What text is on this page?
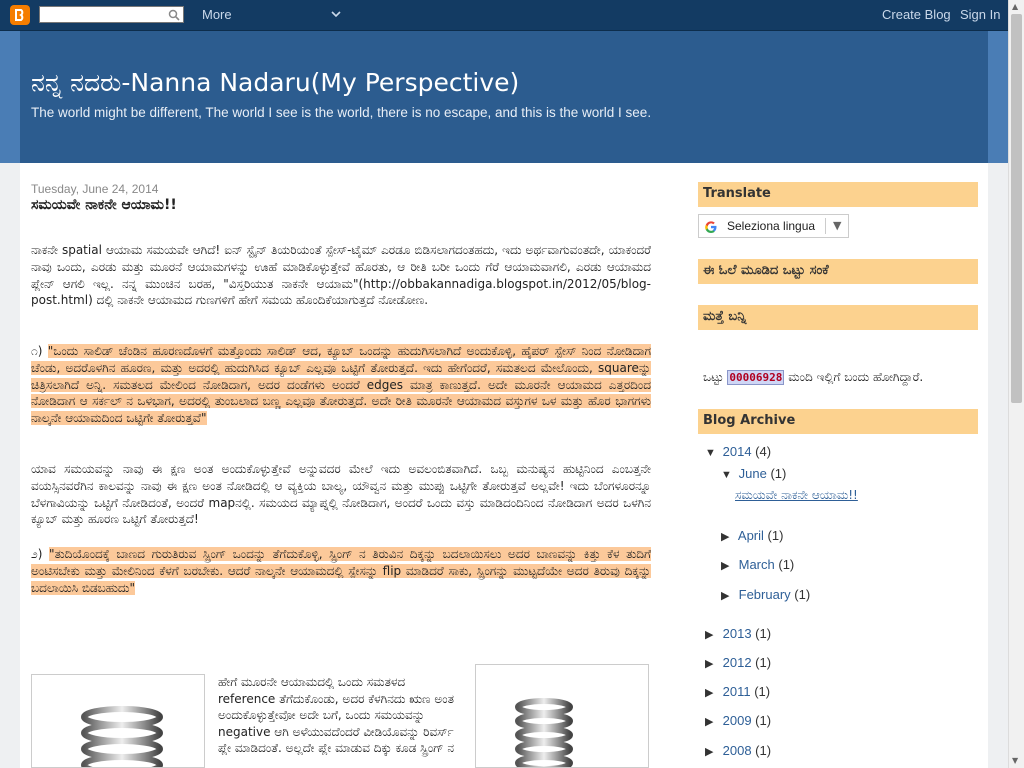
More	Create Blog Sign In
ನನ್ನ ನದರು-Nanna Nadaru(My Perspective)
The world might be different, The world I see is the world, there is no escape, and this is the world I see.
Tuesday, June 24, 2014
ಸಮಯವೇ ನಾಕನೇ ಆಯಾಮ!!

ನಾಕನೇ spatial ಆಯಾಮ ಸಮಯವೇ ಆಗಿದೆ! ಐನ್ ಸ್ಟೈನ್ ತಿಯರಿಯಂತೆ ಸ್ಪೇಸ್-ಟೈಮ್ ಎರಡೂ ಬಿಡಿಸಲಾಗದಂತಹದು, ಇದು ಅರ್ಥವಾಗುವಂತದೇ, ಯಾಕಂದರೆ ನಾವು ಒಂದು, ಎರಡು ಮತ್ತು ಮೂರನೆ ಆಯಾಮಗಳನ್ನು ಊಹೆ ಮಾಡಿಕೊಳ್ಳುತ್ತೇವೆ ಹೊರತು, ಆ ರೀತಿ ಬರೀ ಒಂದು ಗೆರೆ ಆಯಾಮವಾಗಲಿ, ಎರಡು ಆಯಾಮದ ಪ್ಲೇನ್ ಆಗಲಿ ಇಲ್ಲ. ನನ್ನ ಮುಂಚಿನ ಬರಹ, "ವಿಸ್ತರಿಯುತ ನಾಕನೇ ಆಯಾಮ"(http://obbakannadiga.blogspot.in/2012/05/blog-post.html) ದಲ್ಲಿ ನಾಕನೇ ಆಯಾಮದ ಗುಣಗಳಿಗೆ ಹೇಗೆ ಸಮಯ ಹೊಂದಿಕೆಯಾಗುತ್ತದೆ ನೋಡೋಣ.

೧) "ಒಂದು ಸಾಲಿಡ್ ಚೆಂಡಿನ ಹೂರಣದೊಳಗೆ ಮತ್ತೊಂದು ಸಾಲಿಡ್ ಆದ, ಕ್ಯೂಬ್ ಒಂದನ್ನು ಹುದುಗಿಸಲಾಗಿದೆ ಅಂದುಕೊಳ್ಳಿ, ಹೈಪರ್ ಸ್ಪೇಸ್ ನಿಂದ ನೋಡಿದಾಗ ಚೆಂಡು, ಅದರೊಳಗಿನ ಹೂರಣ, ಮತ್ತು ಅದರಲ್ಲಿ ಹುದುಗಿಸಿದ ಕ್ಯೂಬ್ ಎಲ್ಲವೂ ಒಟ್ಟಿಗೆ ತೋರುತ್ತದೆ. ಇದು ಹೇಗೆಂದರೆ, ಸಮತಲದ ಮೇಲೊಂದು, squareನ್ನು ಚಿತ್ರಿಸಲಾಗಿದೆ ಅನ್ನಿ. ಸಮತಲದ ಮೇಲಿಂದ ನೋಡಿದಾಗ, ಅದರ ದಂಡೆಗಳು ಅಂದರೆ edges ಮಾತ್ರ ಕಾಣುತ್ತದೆ. ಅದೇ ಮೂರನೇ ಆಯಾಮದ ಎತ್ತರದಿಂದ ನೋಡಿದಾಗ ಆ ಸರ್ಕಲ್ ನ ಒಳಭಾಗ, ಅದರಲ್ಲಿ ತುಂಬಲಾದ ಬಣ್ಣ ಎಲ್ಲವೂ ತೋರುತ್ತದೆ. ಅದೇ ರೀತಿ ಮೂರನೇ ಆಯಾಮದ ವಸ್ತುಗಳ ಒಳ ಮತ್ತು ಹೊರ ಭಾಗಗಳು ನಾಲ್ಕನೇ ಆಯಾಮದಿಂದ ಒಟ್ಟಿಗೇ ತೋರುತ್ತವೆ"

ಯಾವ ಸಮಯವನ್ನು ನಾವು ಈ ಕ್ಷಣ ಅಂತ ಅಂದುಕೊಳ್ಳುತ್ತೇವೆ ಅನ್ನುವದರ ಮೇಲೆ ಇದು ಅವಲಂಬಿತವಾಗಿದೆ. ಒಬ್ಬ ಮನುಷ್ಯನ ಹುಟ್ಟಿನಿಂದ ಎಂಬತ್ತನೇ ವಯಸ್ಸಿನವರೆಗಿನ ಕಾಲವನ್ನು ನಾವು ಈ ಕ್ಷಣ ಅಂತ ನೋಡಿದಲ್ಲಿ ಆ ವ್ಯಕ್ತಿಯ ಬಾಲ್ಯ, ಯೌವ್ವನ ಮತ್ತು ಮುಪ್ಪು ಒಟ್ಟಿಗೇ ತೋರುತ್ತವೆ ಅಲ್ಲವೇ! ಇದು ಬೆಂಗಳೂರನ್ನೂ ಬೆಳಗಾವಿಯನ್ನು ಒಟ್ಟಿಗೆ ನೋಡಿದಂತೆ, ಅಂದರೆ mapನಲ್ಲಿ. ಸಮಯದ ಮ್ಯಾಪ್ನಲ್ಲಿ ನೋಡಿದಾಗ, ಅಂದರೆ ಒಂದು ವಸ್ತು ಮಾಡಿದಂದಿನಿಂದ ನೋಡಿದಾಗ ಅದರ ಒಳಗಿನ ಕ್ಯೂಬ್ ಮತ್ತು ಹೂರಣ ಒಟ್ಟಿಗೆ ತೋರುತ್ತದೆ!

೨) "ತುದಿಯೊಂದಕ್ಕೆ ಬಾಣದ ಗುರುತಿರುವ ಸ್ಪ್ರಿಂಗ್ ಒಂದನ್ನು ತೆಗೆದುಕೊಳ್ಳಿ, ಸ್ಪ್ರಿಂಗ್ ನ ತಿರುವಿನ ದಿಕ್ಕನ್ನು ಬದಲಾಯಿಸಲು ಅದರ ಬಾಣವನ್ನು ಕಿತ್ತು ಕೆಳ ತುದಿಗೆ ಅಂಟಿಸಬೇಕು ಮತ್ತು ಮೇಲಿನಿಂದ ಕೆಳಗೆ ಬರಬೇಕು. ಆದರೆ ನಾಲ್ಕನೇ ಆಯಾಮದಲ್ಲಿ ಸ್ಪೇಸನ್ನು flip ಮಾಡಿದರೆ ಸಾಕು, ಸ್ಪ್ರಿಂಗನ್ನು ಮುಟ್ಟದೆಯೇ ಅದರ ತಿರುವು ದಿಕ್ಕನ್ನು ಬದಲಾಯಿಸಿ ಬಿಡಬಹುದು"

ಹೇಗೆ ಮೂರನೇ ಆಯಾಮದಲ್ಲಿ ಒಂದು ಸಮತಳದ reference ತೆಗೆದುಕೊಂಡು, ಅದರ ಕೆಳಗಿನದು ಋಣ ಅಂತ ಅಂದುಕೊಳ್ಳುತ್ತೇವೋ ಅದೇ ಬಗೆ, ಒಂದು ಸಮಯವನ್ನು negative ಆಗಿ ಅಳೆಯುವದೆಂದರೆ ವೀಡಿಯೊವನ್ನು ರಿವರ್ಸ್ ಪ್ಲೇ ಮಾಡಿದಂತೆ. ಅಲ್ಲದೇ ಪ್ಲೇ ಮಾಡುವ ದಿಕ್ಕು ಕೂಡ ಸ್ಪ್ರಿಂಗ್ ನ

Translate
Seleziona lingua ▼
ಈ ಓಲೆ ಮೂಡಿದ ಒಟ್ಟು ಸಂಕೆ
ಮತ್ತೆ ಬನ್ನಿ
ಒಟ್ಟು 00006928 ಮಂದಿ ಇಲ್ಲಿಗೆ ಬಂದು ಹೋಗಿದ್ದಾರೆ.
Blog Archive
▼ 2014 (4)
▼ June (1)
ಸಮಯವೇ ನಾಕನೇ ಆಯಾಮ!!
▶ April (1)
▶ March (1)
▶ February (1)
▶ 2013 (1)
▶ 2012 (1)
▶ 2011 (1)
▶ 2009 (1)
▶ 2008 (1)
▲
▼
